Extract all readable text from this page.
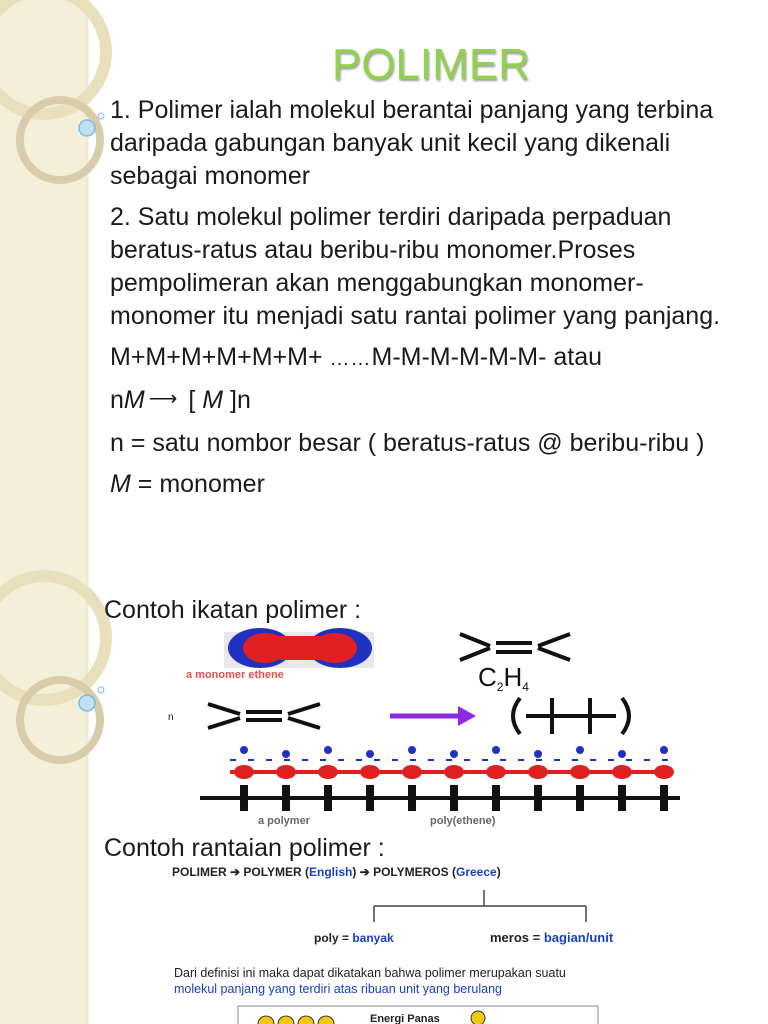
POLIMER

1. Polimer ialah molekul berantai panjang yang terbina daripada gabungan banyak unit kecil yang dikenali sebagai monomer

2. Satu molekul polimer terdiri daripada perpaduan beratus-ratus atau beribu-ribu monomer.Proses pempolimeran akan menggabungkan monomer-monomer itu menjadi satu rantai polimer yang panjang.

M+M+M+M+M+M+ ……M-M-M-M-M-M- atau
nM ⟶ [ M ]n

n = satu nombor besar ( beratus-ratus @ beribu-ribu )

M = monomer

Contoh ikatan polimer :
a monomer ethene	C2H4
n
a polymer	poly(ethene)
Contoh rantaian polimer :
POLIMER ➔ POLYMER (English) ➔ POLYMEROS (Greece)
poly = banyak	meros = bagian/unit
Dari definisi ini maka dapat dikatakan bahwa polimer merupakan suatu
molekul panjang yang terdiri atas ribuan unit yang berulang
Energi Panas
